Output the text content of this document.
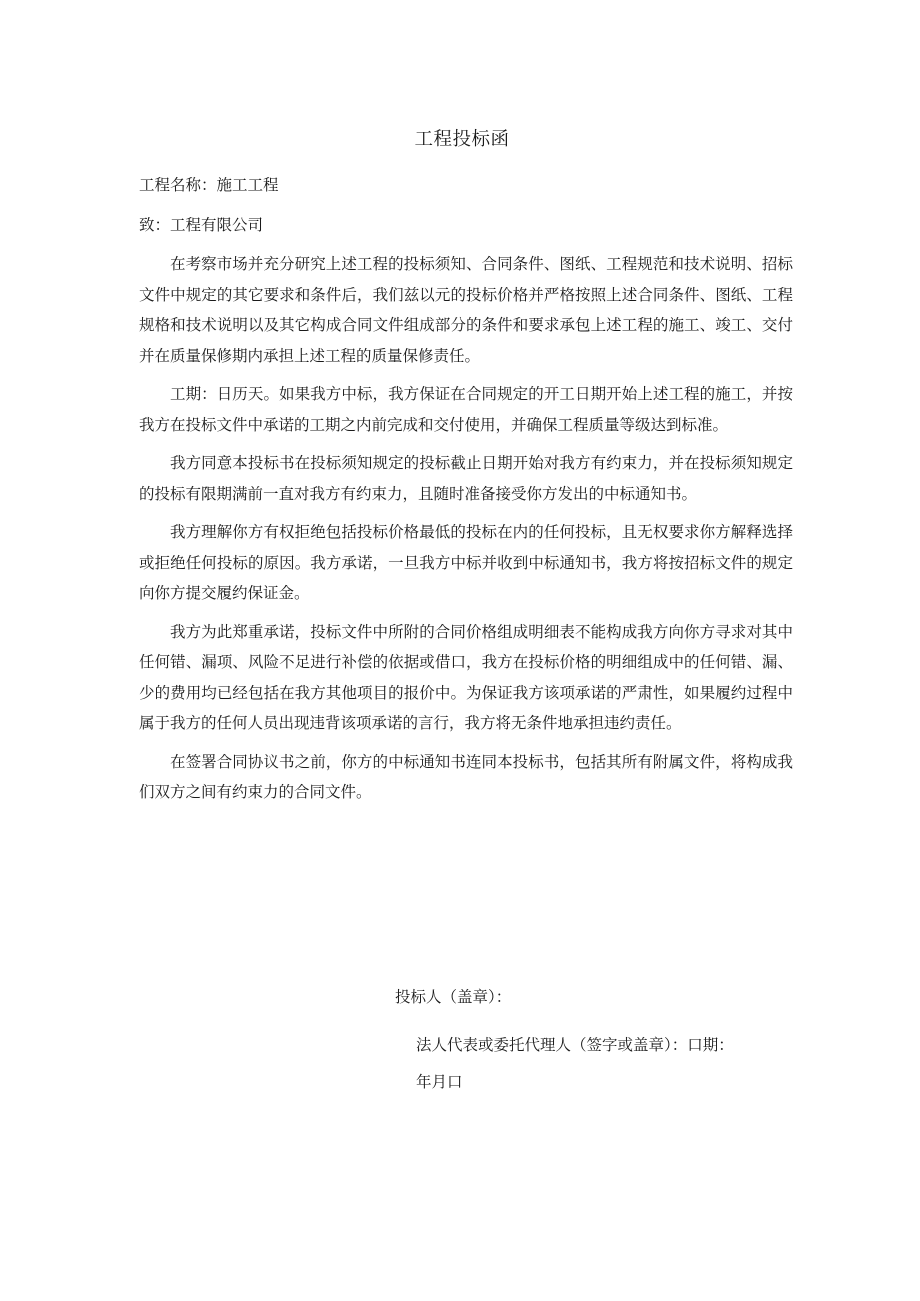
工程投标函
工程名称：施工工程
致：工程有限公司

在考察市场并充分研究上述工程的投标须知、合同条件、图纸、工程规范和技术说明、招标文件中规定的其它要求和条件后，我们兹以元的投标价格并严格按照上述合同条件、图纸、工程规格和技术说明以及其它构成合同文件组成部分的条件和要求承包上述工程的施工、竣工、交付并在质量保修期内承担上述工程的质量保修责任。

工期：日历天。如果我方中标，我方保证在合同规定的开工日期开始上述工程的施工，并按我方在投标文件中承诺的工期之内前完成和交付使用，并确保工程质量等级达到标准。

我方同意本投标书在投标须知规定的投标截止日期开始对我方有约束力，并在投标须知规定的投标有限期满前一直对我方有约束力，且随时准备接受你方发出的中标通知书。

我方理解你方有权拒绝包括投标价格最低的投标在内的任何投标，且无权要求你方解释选择或拒绝任何投标的原因。我方承诺，一旦我方中标并收到中标通知书，我方将按招标文件的规定向你方提交履约保证金。

我方为此郑重承诺，投标文件中所附的合同价格组成明细表不能构成我方向你方寻求对其中任何错、漏项、风险不足进行补偿的依据或借口，我方在投标价格的明细组成中的任何错、漏、少的费用均已经包括在我方其他项目的报价中。为保证我方该项承诺的严肃性，如果履约过程中属于我方的任何人员出现违背该项承诺的言行，我方将无条件地承担违约责任。

在签署合同协议书之前，你方的中标通知书连同本投标书，包括其所有附属文件，将构成我们双方之间有约束力的合同文件。

投标人（盖章）：
法人代表或委托代理人（签字或盖章）：口期：
年月口
